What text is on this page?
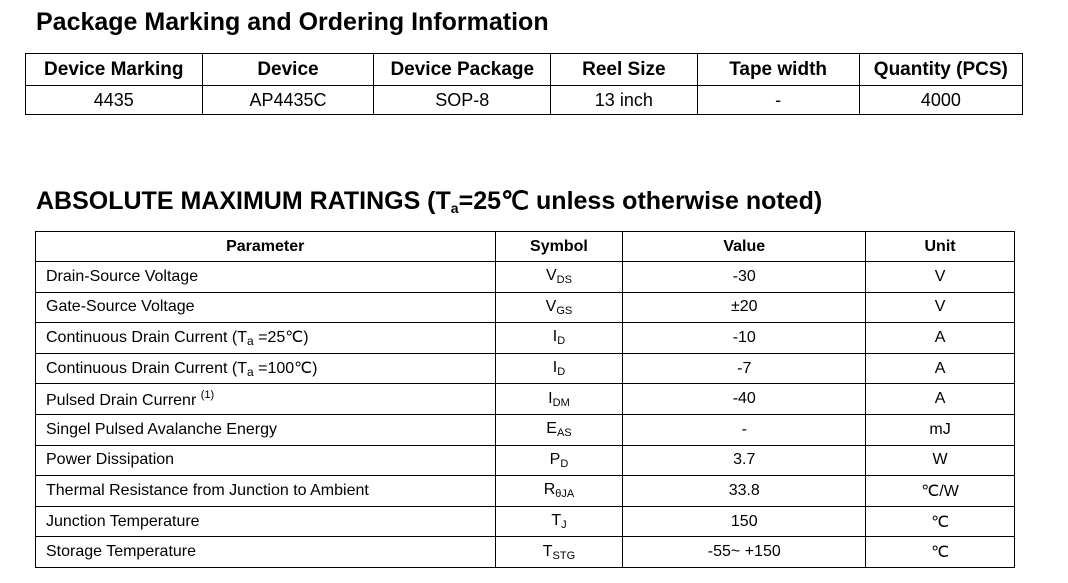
Package Marking and Ordering Information
Device Marking	Device	Device Package	Reel Size	Tape width	Quantity (PCS)
4435	AP4435C	SOP-8	13 inch	-	4000
ABSOLUTE MAXIMUM RATINGS ($T_a=25℃$ unless otherwise noted)
Parameter	Symbol	Value	Unit
Drain-Source Voltage	$V_{DS}$	-30	V
Gate-Source Voltage	$V_{GS}$	±20	V
Continuous Drain Current (Ta =25℃)	$I_D$	-10	A
Continuous Drain Current (Ta =100℃)	$I_D$	-7	A
Pulsed Drain Currenr $^{(1)}$	$I_{DM}$	-40	A
Singel Pulsed Avalanche Energy	$E_{AS}$	-	mJ
Power Dissipation	$P_D$	3.7	W
Thermal Resistance from Junction to Ambient	$R_{\theta JA}$	33.8	℃/W
Junction Temperature	$T_J$	150	℃
Storage Temperature	$T_{STG}$	-55~ +150	℃
